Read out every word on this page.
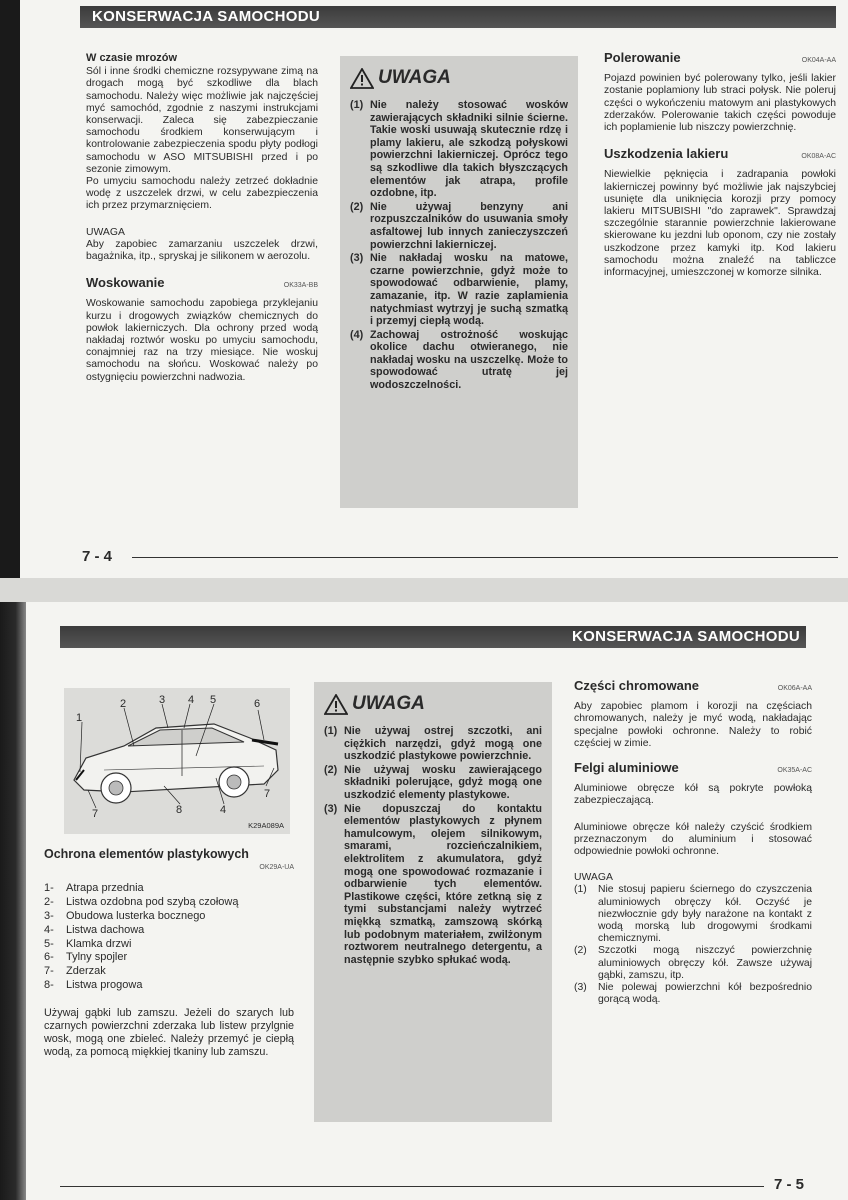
KONSERWACJA SAMOCHODU
W czasie mrozów

Sól i inne środki chemiczne rozsypywane zimą na drogach mogą być szkodliwe dla blach samochodu. Należy więc możliwie jak najczęściej myć samochód, zgodnie z naszymi instrukcjami konserwacji. Zaleca się zabezpieczanie samochodu środkiem konserwującym i kontrolowanie zabezpieczenia spodu płyty podłogi samochodu w ASO MITSUBISHI przed i po sezonie zimowym.

Po umyciu samochodu należy zetrzeć dokładnie wodę z uszczelek drzwi, w celu zabezpieczenia ich przez przymarznięciem.

UWAGA

Aby zapobiec zamarzaniu uszczelek drzwi, bagażnika, itp., spryskaj je silikonem w aerozolu.

Woskowanie	OK33A-BB

Woskowanie samochodu zapobiega przyklejaniu kurzu i drogowych związków chemicznych do powłok lakierniczych. Dla ochrony przed wodą nakładaj roztwór wosku po umyciu samochodu, conajmniej raz na trzy miesiące. Nie woskuj samochodu na słońcu. Woskować należy po ostygnięciu powierzchni nadwozia.

UWAGA
(1) Nie należy stosować wosków zawierających składniki silnie ścierne. Takie woski usuwają skutecznie rdzę i plamy lakieru, ale szkodzą połyskowi powierzchni lakierniczej. Oprócz tego są szkodliwe dla takich błyszczących elementów jak atrapa, profile ozdobne, itp.
(2) Nie używaj benzyny ani rozpuszczalników do usuwania smoły asfaltowej lub innych zanieczyszczeń powierzchni lakierniczej.
(3) Nie nakładaj wosku na matowe, czarne powierzchnie, gdyż może to spowodować odbarwienie, plamy, zamazanie, itp. W razie zaplamienia natychmiast wytrzyj je suchą szmatką i przemyj ciepłą wodą.
(4) Zachowaj ostrożność woskując okolice dachu otwieranego, nie nakładaj wosku na uszczelkę. Może to spowodować utratę jej wodoszczelności.
Polerowanie	OK04A-AA

Pojazd powinien być polerowany tylko, jeśli lakier zostanie poplamiony lub straci połysk. Nie poleruj części o wykończeniu matowym ani plastykowych zderzaków. Polerowanie takich części powoduje ich poplamienie lub niszczy powierzchnię.

Uszkodzenia lakieru	OK08A-AC

Niewielkie pęknięcia i zadrapania powłoki lakierniczej powinny być możliwie jak najszybciej usunięte dla uniknięcia korozji przy pomocy lakieru MITSUBISHI "do zaprawek". Sprawdzaj szczególnie starannie powierzchnie lakierowane skierowane ku jezdni lub oponom, czy nie zostały uszkodzone przez kamyki itp. Kod lakieru samochodu można znaleźć na tabliczce informacyjnej, umieszczonej w komorze silnika.

7 - 4
KONSERWACJA SAMOCHODU
1
2	3 4 5	6
7
7	8	4
K29A089A
Ochrona elementów plastykowych
OK29A-UA
1-	Atrapa przednia
2-	Listwa ozdobna pod szybą czołową
3-	Obudowa lusterka bocznego
4-	Listwa dachowa
5-	Klamka drzwi
6-	Tylny spojler
7-	Zderzak
8-	Listwa progowa

Używaj gąbki lub zamszu. Jeżeli do szarych lub czarnych powierzchni zderzaka lub listew przylgnie wosk, mogą one zbieleć. Należy przemyć je ciepłą wodą, za pomocą miękkiej tkaniny lub zamszu.

UWAGA
(1) Nie używaj ostrej szczotki, ani ciężkich narzędzi, gdyż mogą one uszkodzić plastykowe powierzchnie.
(2) Nie używaj wosku zawierającego składniki polerujące, gdyż mogą one uszkodzić elementy plastykowe.
(3) Nie dopuszczaj do kontaktu elementów plastykowych z płynem hamulcowym, olejem silnikowym, smarami, rozcieńczalnikiem, elektrolitem z akumulatora, gdyż mogą one spowodować rozmazanie i odbarwienie tych elementów. Plastikowe części, które zetkną się z tymi substancjami należy wytrzeć miękką szmatką, zamszową skórką lub podobnym materiałem, zwilżonym roztworem neutralnego detergentu, a następnie szybko spłukać wodą.
Części chromowane	OK06A-AA

Aby zapobiec plamom i korozji na częściach chromowanych, należy je myć wodą, nakładając specjalne powłoki ochronne. Należy to robić częściej w zimie.

Felgi aluminiowe	OK35A-AC

Aluminiowe obręcze kół są pokryte powłoką zabezpieczającą.

Aluminiowe obręcze kół należy czyścić środkiem przeznaczonym do aluminium i stosować odpowiednie powłoki ochronne.

UWAGA
(1)	Nie stosuj papieru ściernego do czyszczenia aluminiowych obręczy kół. Oczyść je niezwłocznie gdy były narażone na kontakt z wodą morską lub drogowymi środkami chemicznymi.
(2)	Szczotki mogą niszczyć powierzchnię aluminiowych obręczy kół. Zawsze używaj gąbki, zamszu, itp.
(3)	Nie polewaj powierzchni kół bezpośrednio gorącą wodą.
7 - 5
